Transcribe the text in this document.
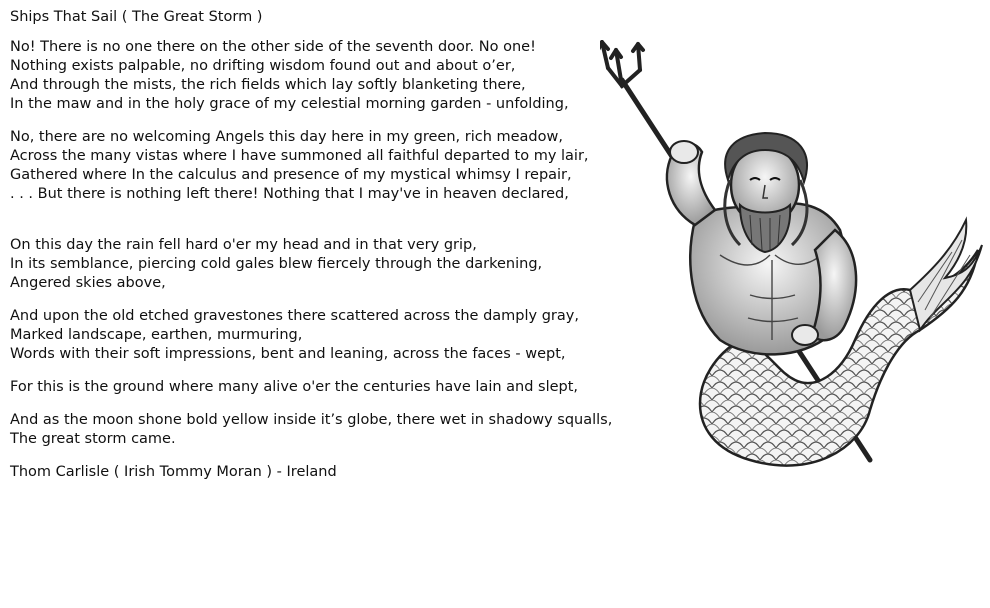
Ships That Sail ( The Great Storm )
No! There is no one there on the other side of the seventh door. No one!
Nothing exists palpable, no drifting wisdom found out and about o’er,
And through the mists, the rich fields which lay softly blanketing there,
In the maw and in the holy grace of my celestial morning garden - unfolding,
No, there are no welcoming Angels this day here in my green, rich meadow,
Across the many vistas where I have summoned all faithful departed to my lair,
Gathered where In the calculus and presence of my mystical whimsy I repair,
. . . But there is nothing left there! Nothing that I may've in heaven declared,
On this day the rain fell hard o'er my head and in that very grip,
In its semblance, piercing cold gales blew fiercely through the darkening,
Angered skies above,
And upon the old etched gravestones there scattered across the damply gray,
Marked landscape, earthen, murmuring,
Words with their soft impressions, bent and leaning, across the faces - wept,
For this is the ground where many alive o'er the centuries have lain and slept,
And as the moon shone bold yellow inside it’s globe, there wet in shadowy squalls,
The great storm came.
Thom Carlisle ( Irish Tommy Moran ) - Ireland
